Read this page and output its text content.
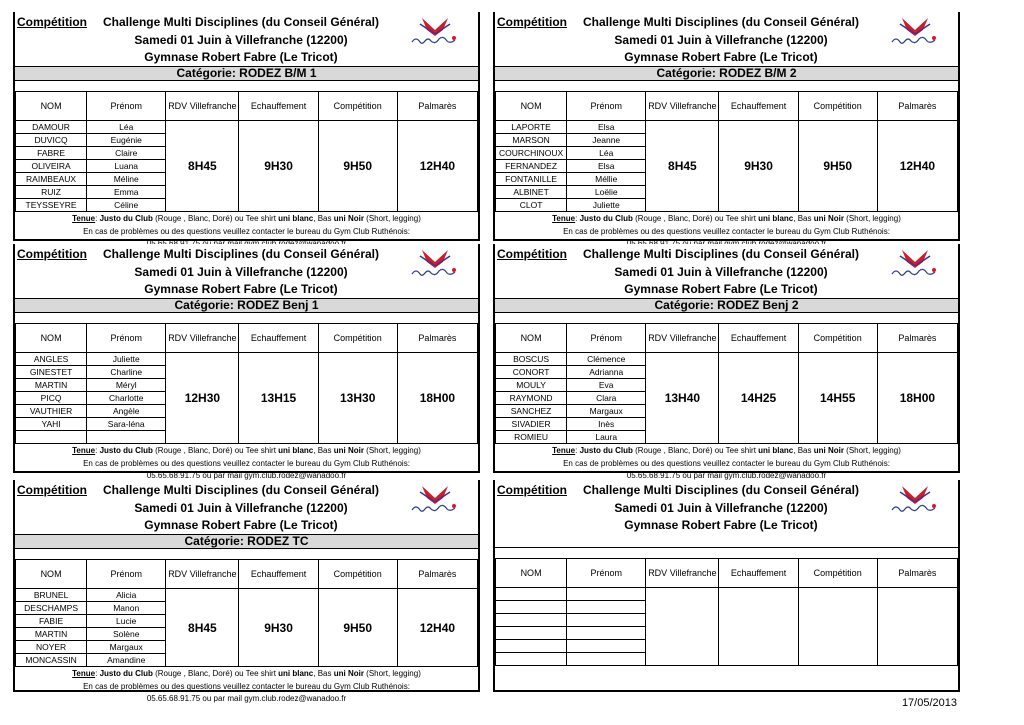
Compétition	Challenge Multi Disciplines (du Conseil Général)
Samedi 01 Juin à Villefranche (12200)
Gymnase Robert Fabre (Le Tricot)
Catégorie: RODEZ B/M 1
NOM	Prénom	RDV Villefranche	Echauffement	Compétition	Palmarès
DAMOUR	Léa	8H45	9H30	9H50	12H40
DUVICQ	Eugénie				
FABRE	Claire				
OLIVEIRA	Luana				
RAIMBEAUX	Méline				
RUIZ	Emma				
TEYSSEYRE	Céline				
Tenue: Justo du Club (Rouge , Blanc, Doré) ou Tee shirt uni blanc, Bas uni Noir (Short, legging)
En cas de problèmes ou des questions veuillez contacter le bureau du Gym Club Ruthénois:
Compétition	Challenge Multi Disciplines (du Conseil Général)
Samedi 01 Juin à Villefranche (12200)
Gymnase Robert Fabre (Le Tricot)
Catégorie: RODEZ B/M 2
NOM	Prénom	RDV Villefranche	Echauffement	Compétition	Palmarès
LAPORTE	Elsa	8H45	9H30	9H50	12H40
MARSON	Jeanne				
COURCHINOUX	Léa				
FERNANDEZ	Elsa				
FONTANILLE	Méllie				
ALBINET	Loëlie				
CLOT	Juliette				
Tenue: Justo du Club (Rouge , Blanc, Doré) ou Tee shirt uni blanc, Bas uni Noir (Short, legging)
En cas de problèmes ou des questions veuillez contacter le bureau du Gym Club Ruthénois:
Compétition	Challenge Multi Disciplines (du Conseil Général)
Samedi 01 Juin à Villefranche (12200)
Gymnase Robert Fabre (Le Tricot)
Catégorie: RODEZ Benj 1
NOM	Prénom	RDV Villefranche	Echauffement	Compétition	Palmarès
ANGLES	Juliette	12H30	13H15	13H30	18H00
GINESTET	Charline				
MARTIN	Méryl				
PICQ	Charlotte				
VAUTHIER	Angèle				
YAHI	Sara-léna				

Tenue: Justo du Club (Rouge , Blanc, Doré) ou Tee shirt uni blanc, Bas uni Noir (Short, legging)
En cas de problèmes ou des questions veuillez contacter le bureau du Gym Club Ruthénois:
05.65.68.91.75 ou par mail gym.club.rodez@wanadoo.fr
Compétition	Challenge Multi Disciplines (du Conseil Général)
Samedi 01 Juin à Villefranche (12200)
Gymnase Robert Fabre (Le Tricot)
Catégorie: RODEZ Benj 2
NOM	Prénom	RDV Villefranche	Echauffement	Compétition	Palmarès
BOSCUS	Clémence	13H40	14H25	14H55	18H00
CONORT	Adrianna				
MOULY	Eva				
RAYMOND	Clara				
SANCHEZ	Margaux				
SIVADIER	Inès				
ROMIEU	Laura				
Tenue: Justo du Club (Rouge , Blanc, Doré) ou Tee shirt uni blanc, Bas uni Noir (Short, legging)
En cas de problèmes ou des questions veuillez contacter le bureau du Gym Club Ruthénois:
05.65.68.91.75 ou par mail gym.club.rodez@wanadoo.fr
Compétition	Challenge Multi Disciplines (du Conseil Général)
Samedi 01 Juin à Villefranche (12200)
Gymnase Robert Fabre (Le Tricot)
Catégorie: RODEZ TC
NOM	Prénom	RDV Villefranche	Echauffement	Compétition	Palmarès
BRUNEL	Alicia	8H45	9H30	9H50	12H40
DESCHAMPS	Manon				
FABIE	Lucie				
MARTIN	Solène				
NOYER	Margaux				
MONCASSIN	Amandine				
Tenue: Justo du Club (Rouge , Blanc, Doré) ou Tee shirt uni blanc, Bas uni Noir (Short, legging)
En cas de problèmes ou des questions veuillez contacter le bureau du Gym Club Ruthénois:
05.65.68.91.75 ou par mail gym.club.rodez@wanadoo.fr
Compétition	Challenge Multi Disciplines (du Conseil Général)
Samedi 01 Juin à Villefranche (12200)
Gymnase Robert Fabre (Le Tricot)
NOM	Prénom	RDV Villefranche	Echauffement	Compétition	Palmarès

17/05/2013
